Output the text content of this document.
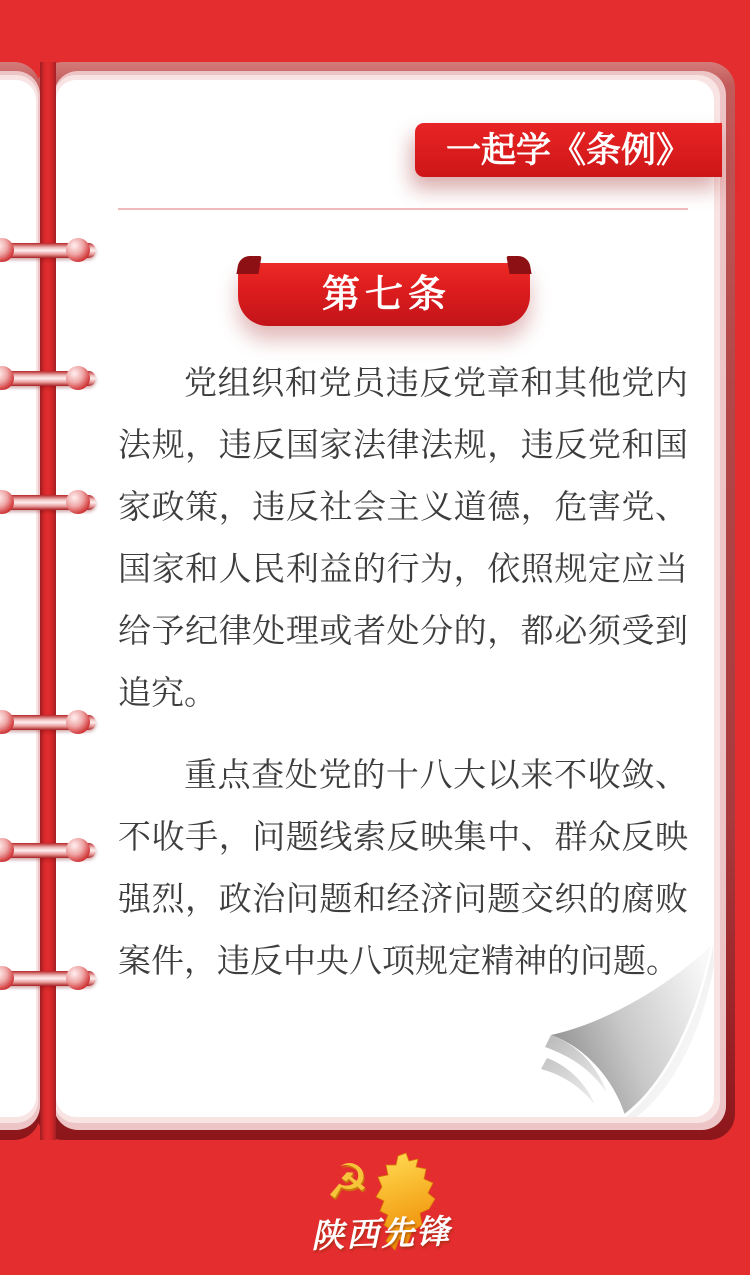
一起学《条例》
第七条

党组织和党员违反党章和其他党内法规，违反国家法律法规，违反党和国家政策，违反社会主义道德，危害党、国家和人民利益的行为，依照规定应当给予纪律处理或者处分的，都必须受到追究。

重点查处党的十八大以来不收敛、不收手，问题线索反映集中、群众反映强烈，政治问题和经济问题交织的腐败案件，违反中央八项规定精神的问题。

☭
陕西先锋
